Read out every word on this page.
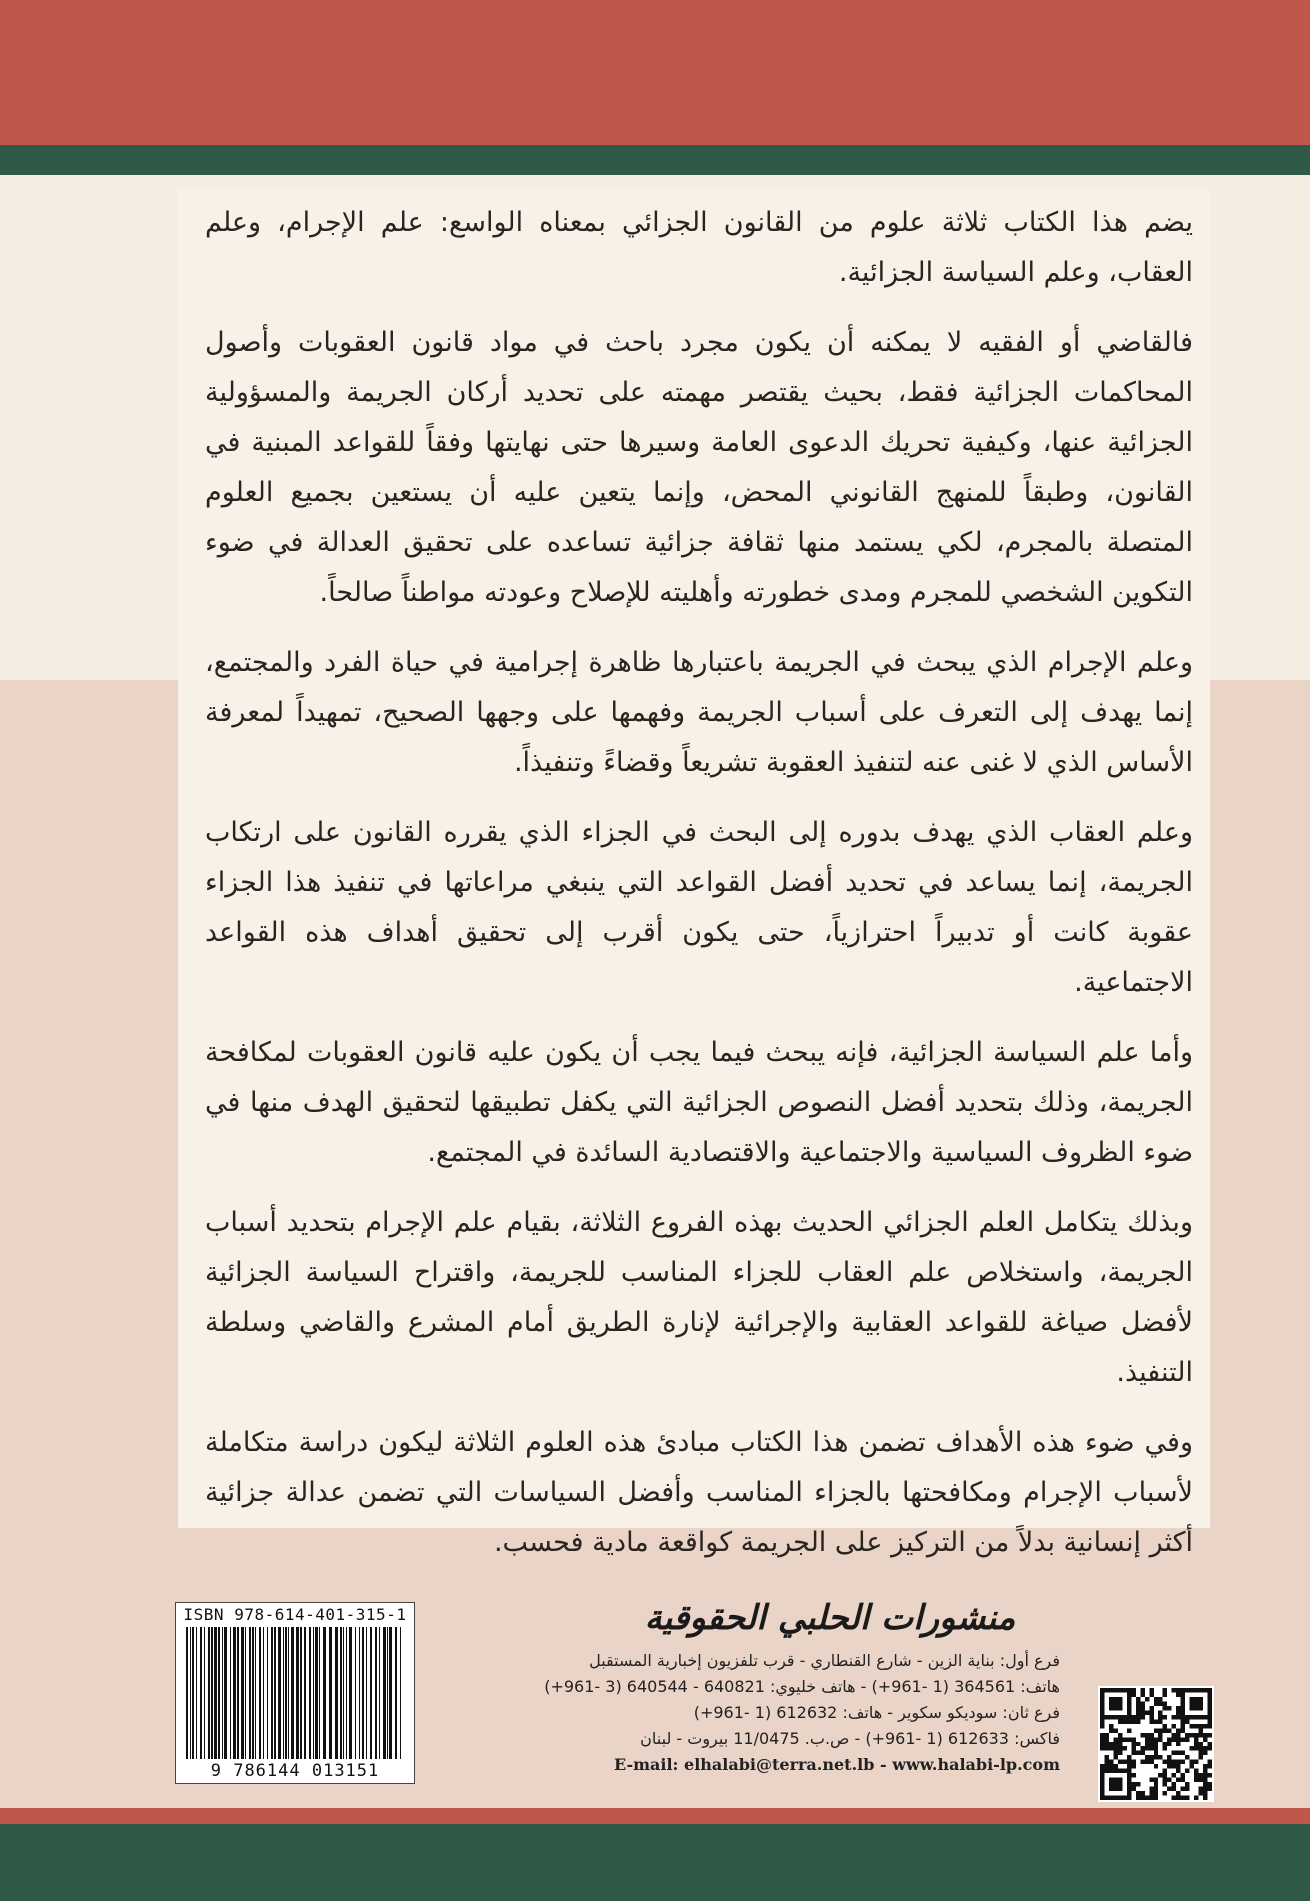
يضم هذا الكتاب ثلاثة علوم من القانون الجزائي بمعناه الواسع: علم الإجرام، وعلم العقاب، وعلم السياسة الجزائية.

فالقاضي أو الفقيه لا يمكنه أن يكون مجرد باحث في مواد قانون العقوبات وأصول المحاكمات الجزائية فقط، بحيث يقتصر مهمته على تحديد أركان الجريمة والمسؤولية الجزائية عنها، وكيفية تحريك الدعوى العامة وسيرها حتى نهايتها وفقاً للقواعد المبنية في القانون، وطبقاً للمنهج القانوني المحض، وإنما يتعين عليه أن يستعين بجميع العلوم المتصلة بالمجرم، لكي يستمد منها ثقافة جزائية تساعده على تحقيق العدالة في ضوء التكوين الشخصي للمجرم ومدى خطورته وأهليته للإصلاح وعودته مواطناً صالحاً.

وعلم الإجرام الذي يبحث في الجريمة باعتبارها ظاهرة إجرامية في حياة الفرد والمجتمع، إنما يهدف إلى التعرف على أسباب الجريمة وفهمها على وجهها الصحيح، تمهيداً لمعرفة الأساس الذي لا غنى عنه لتنفيذ العقوبة تشريعاً وقضاءً وتنفيذاً.

وعلم العقاب الذي يهدف بدوره إلى البحث في الجزاء الذي يقرره القانون على ارتكاب الجريمة، إنما يساعد في تحديد أفضل القواعد التي ينبغي مراعاتها في تنفيذ هذا الجزاء عقوبة كانت أو تدبيراً احترازياً، حتى يكون أقرب إلى تحقيق أهداف هذه القواعد الاجتماعية.

وأما علم السياسة الجزائية، فإنه يبحث فيما يجب أن يكون عليه قانون العقوبات لمكافحة الجريمة، وذلك بتحديد أفضل النصوص الجزائية التي يكفل تطبيقها لتحقيق الهدف منها في ضوء الظروف السياسية والاجتماعية والاقتصادية السائدة في المجتمع.

وبذلك يتكامل العلم الجزائي الحديث بهذه الفروع الثلاثة، بقيام علم الإجرام بتحديد أسباب الجريمة، واستخلاص علم العقاب للجزاء المناسب للجريمة، واقتراح السياسة الجزائية لأفضل صياغة للقواعد العقابية والإجرائية لإنارة الطريق أمام المشرع والقاضي وسلطة التنفيذ.

وفي ضوء هذه الأهداف تضمن هذا الكتاب مبادئ هذه العلوم الثلاثة ليكون دراسة متكاملة لأسباب الإجرام ومكافحتها بالجزاء المناسب وأفضل السياسات التي تضمن عدالة جزائية أكثر إنسانية بدلاً من التركيز على الجريمة كواقعة مادية فحسب.

ISBN 978-614-401-315-1
9 786144 013151
منشورات الحلبي الحقوقية
فرع أول: بناية الزين - شارع القنطاري - قرب تلفزيون إخبارية المستقبل
هاتف: 364561 (1 -961+) - هاتف خليوي: 640821 - 640544 (3 -961+)
فرع ثان: سوديكو سكوير - هاتف: 612632 (1 -961+)
فاكس: 612633 (1 -961+) - ص.ب. 11/0475 بيروت - لبنان
E-mail: elhalabi@terra.net.lb - www.halabi-lp.com
